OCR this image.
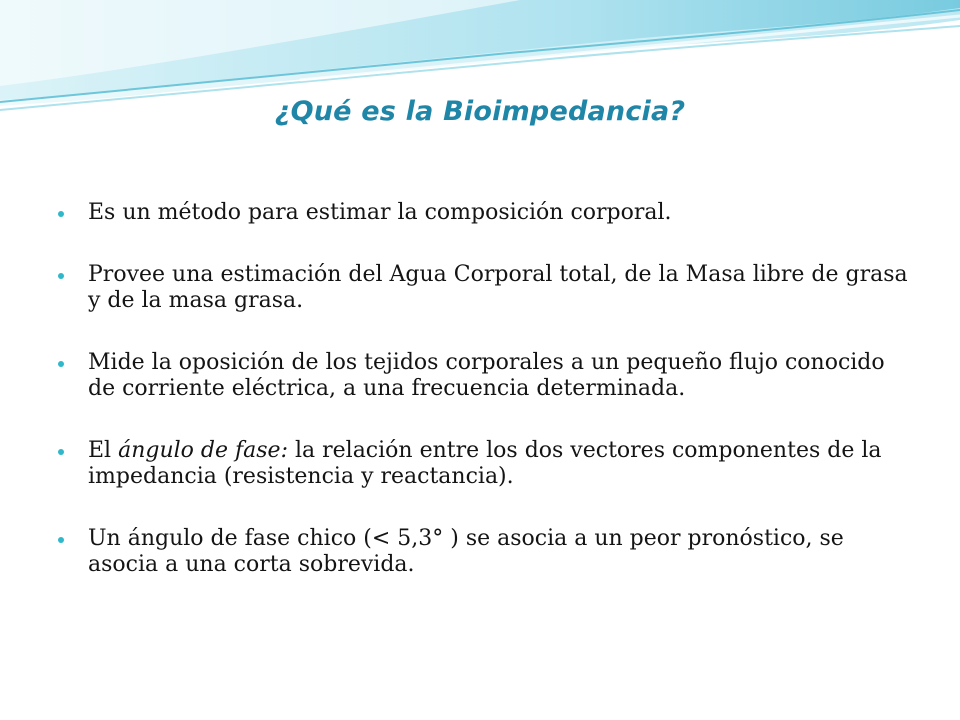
¿Qué es la Bioimpedancia?
Es un método para estimar la composición corporal.
Provee una estimación del Agua Corporal total, de la Masa libre de grasa y de la masa grasa.
Mide la oposición de los tejidos corporales a un pequeño flujo conocido de corriente eléctrica, a una frecuencia determinada.
El ángulo de fase: la relación entre los dos vectores componentes de la impedancia (resistencia y reactancia).
Un ángulo de fase chico (< 5,3° ) se asocia a un peor pronóstico, se asocia a una corta sobrevida.
